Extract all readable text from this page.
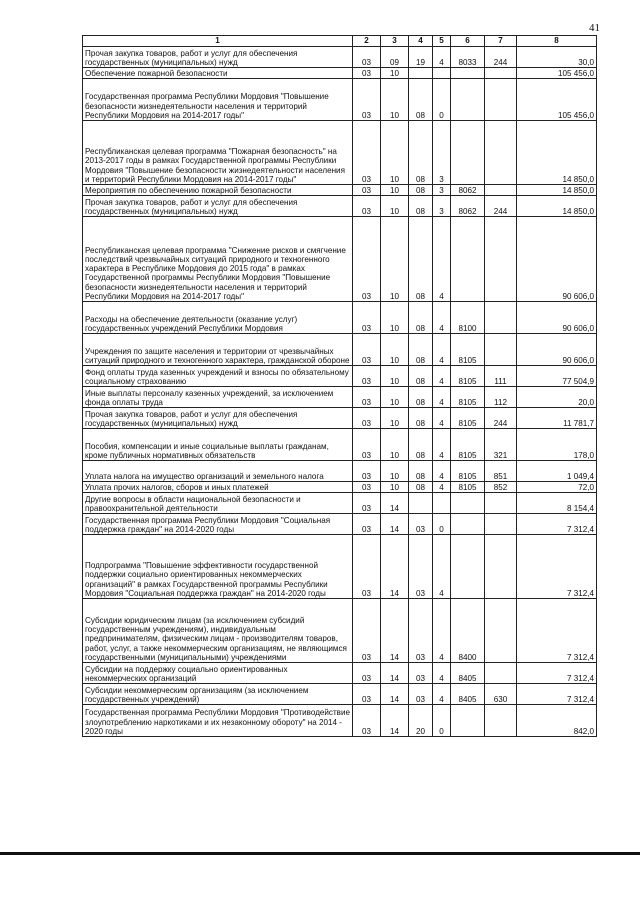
41
1	2	3	4	5	6	7	8
Прочая закупка товаров, работ и услуг для обеспечения государственных (муниципальных) нужд	03	09	19	4	8033	244	30,0
Обеспечение пожарной безопасности	03	10					105 456,0
Государственная программа Республики Мордовия "Повышение безопасности жизнедеятельности населения и территорий Республики Мордовия на 2014-2017 годы"	03	10	08	0			105 456,0
Республиканская целевая программа "Пожарная безопасность" на 2013-2017 годы в рамках Государственной программы Республики Мордовия "Повышение безопасности жизнедеятельности населения и территорий Республики Мордовия на 2014-2017 годы"	03	10	08	3			14 850,0
Мероприятия по обеспечению пожарной безопасности	03	10	08	3	8062		14 850,0
Прочая закупка товаров, работ и услуг для обеспечения государственных (муниципальных) нужд	03	10	08	3	8062	244	14 850,0
Республиканская целевая программа "Снижение рисков и смягчение последствий чрезвычайных ситуаций природного и техногенного характера в Республике Мордовия до 2015 года" в рамках Государственной программы Республики Мордовия "Повышение безопасности жизнедеятельности населения и территорий Республики Мордовия на 2014-2017 годы"	03	10	08	4			90 606,0
Расходы на обеспечение деятельности (оказание услуг) государственных учреждений Республики Мордовия	03	10	08	4	8100		90 606,0
Учреждения по защите населения и территории от чрезвычайных ситуаций природного и техногенного характера, гражданской обороне	03	10	08	4	8105		90 606,0
Фонд оплаты труда казенных учреждений и взносы по обязательному социальному страхованию	03	10	08	4	8105	111	77 504,9
Иные выплаты персоналу казенных учреждений, за исключением фонда оплаты труда	03	10	08	4	8105	112	20,0
Прочая закупка товаров, работ и услуг для обеспечения государственных (муниципальных) нужд	03	10	08	4	8105	244	11 781,7
Пособия, компенсации и иные социальные выплаты гражданам, кроме публичных нормативных обязательств	03	10	08	4	8105	321	178,0
Уплата налога на имущество организаций и земельного налога	03	10	08	4	8105	851	1 049,4
Уплата прочих налогов, сборов и иных платежей	03	10	08	4	8105	852	72,0
Другие вопросы в области национальной безопасности и правоохранительной деятельности	03	14					8 154,4
Государственная программа Республики Мордовия "Социальная поддержка граждан" на 2014-2020 годы	03	14	03	0			7 312,4
Подпрограмма "Повышение эффективности государственной поддержки социально ориентированных некоммерческих организаций" в рамках Государственной программы Республики Мордовия "Социальная поддержка граждан" на 2014-2020 годы	03	14	03	4			7 312,4
Субсидии юридическим лицам (за исключением субсидий государственным учреждениям), индивидуальным предпринимателям, физическим лицам - производителям товаров, работ, услуг, а также некоммерческим организациям, не являющимся государственными (муниципальными) учреждениями	03	14	03	4	8400		7 312,4
Субсидии на поддержку социально ориентированных некоммерческих организаций	03	14	03	4	8405		7 312,4
Субсидии некоммерческим организациям (за исключением государственных учреждений)	03	14	03	4	8405	630	7 312,4
Государственная программа Республики Мордовия "Противодействие злоупотреблению наркотиками и их незаконному обороту" на 2014 - 2020 годы	03	14	20	0			842,0
